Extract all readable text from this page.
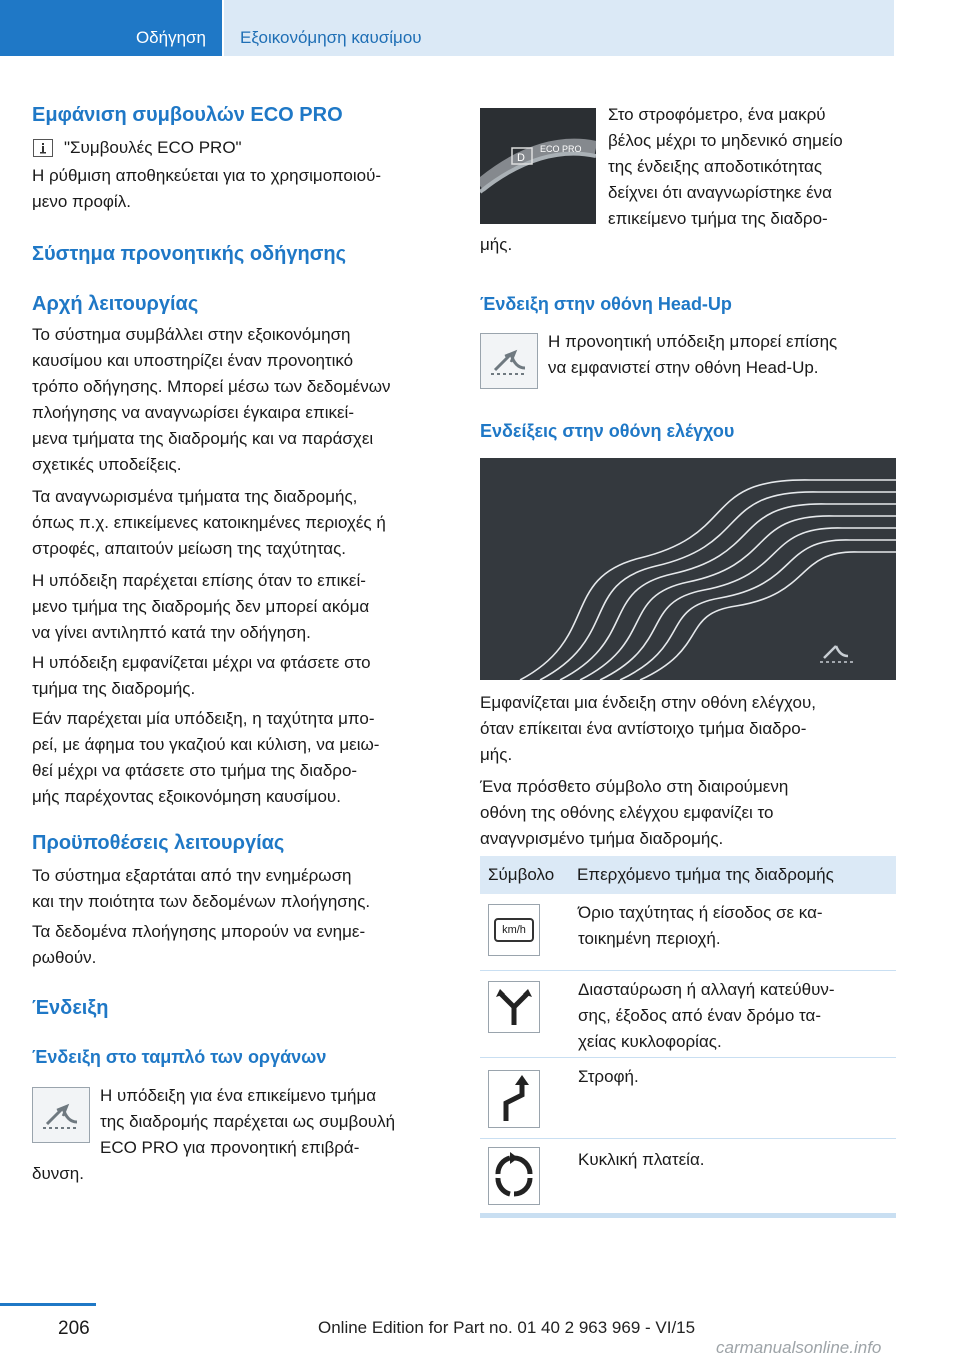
Οδήγηση Εξοικονόμηση καυσίμου
Εμφάνιση συμβουλών ECO PRO
"Συμβουλές ECO PRO"
Η ρύθμιση αποθηκεύεται για το χρησιμοποιού-
μενο προφίλ.
Σύστημα προνοητικής οδήγησης
Αρχή λειτουργίας
Το σύστημα συμβάλλει στην εξοικονόμηση
καυσίμου και υποστηρίζει έναν προνοητικό
τρόπο οδήγησης. Μπορεί μέσω των δεδομένων
πλοήγησης να αναγνωρίσει έγκαιρα επικεί-
μενα τμήματα της διαδρομής και να παράσχει
σχετικές υποδείξεις.
Τα αναγνωρισμένα τμήματα της διαδρομής,
όπως π.χ. επικείμενες κατοικημένες περιοχές ή
στροφές, απαιτούν μείωση της ταχύτητας.
Η υπόδειξη παρέχεται επίσης όταν το επικεί-
μενο τμήμα της διαδρομής δεν μπορεί ακόμα
να γίνει αντιληπτό κατά την οδήγηση.
Η υπόδειξη εμφανίζεται μέχρι να φτάσετε στο
τμήμα της διαδρομής.
Εάν παρέχεται μία υπόδειξη, η ταχύτητα μπο-
ρεί, με άφημα του γκαζιού και κύλιση, να μειω-
θεί μέχρι να φτάσετε στο τμήμα της διαδρο-
μής παρέχοντας εξοικονόμηση καυσίμου.
Προϋποθέσεις λειτουργίας
Το σύστημα εξαρτάται από την ενημέρωση
και την ποιότητα των δεδομένων πλοήγησης.
Τα δεδομένα πλοήγησης μπορούν να ενημε-
ρωθούν.
Ένδειξη
Ένδειξη στο ταμπλό των οργάνων
Η υπόδειξη για ένα επικείμενο τμήμα
της διαδρομής παρέχεται ως συμβουλή
ECO PRO για προνοητική επιβρά-
δυνση.
D
ECO PRO
Στο στροφόμετρο, ένα μακρύ
βέλος μέχρι το μηδενικό σημείο
της ένδειξης αποδοτικότητας
δείχνει ότι αναγνωρίστηκε ένα
επικείμενο τμήμα της διαδρο-
μής.
Ένδειξη στην οθόνη Head-Up
Η προνοητική υπόδειξη μπορεί επίσης
να εμφανιστεί στην οθόνη Head-Up.
Ενδείξεις στην οθόνη ελέγχου
Εμφανίζεται μια ένδειξη στην οθόνη ελέγχου,
όταν επίκειται ένα αντίστοιχο τμήμα διαδρο-
μής.
Ένα πρόσθετο σύμβολο στη διαιρούμενη
οθόνη της οθόνης ελέγχου εμφανίζει το
αναγνρισμένο τμήμα διαδρομής.
Σύμβολο Επερχόμενο τμήμα της διαδρομής
km/h
Όριο ταχύτητας ή είσοδος σε κα-
τοικημένη περιοχή.
Διασταύρωση ή αλλαγή κατεύθυν-
σης, έξοδος από έναν δρόμο τα-
χείας κυκλοφορίας.
Στροφή.
Κυκλική πλατεία.
206	Online Edition for Part no. 01 40 2 963 969 - VI/15
carmanualsonline.info
